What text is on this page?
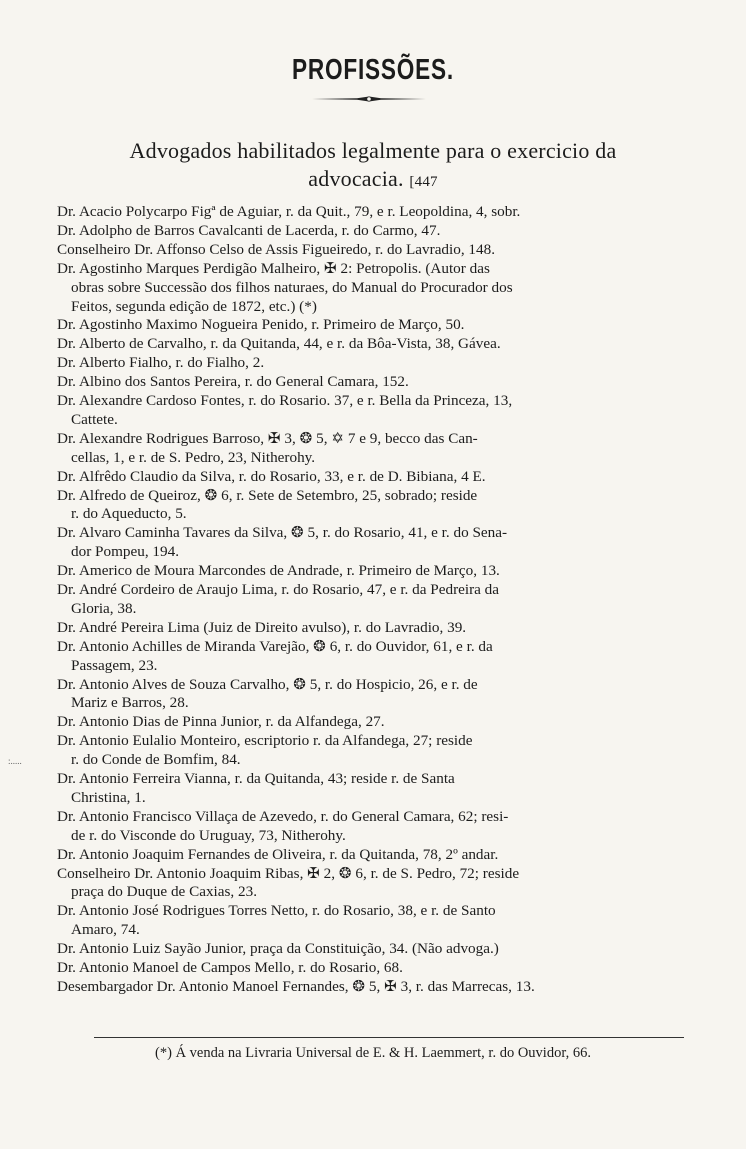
PROFISSÕES.
Advogados habilitados legalmente para o exercicio da
advocacia. [447
:.....
Dr. Acacio Polycarpo Figª de Aguiar, r. da Quit., 79, e r. Leopoldina, 4, sobr.
Dr. Adolpho de Barros Cavalcanti de Lacerda, r. do Carmo, 47.
Conselheiro Dr. Affonso Celso de Assis Figueiredo, r. do Lavradio, 148.
Dr. Agostinho Marques Perdigão Malheiro, ✠ 2: Petropolis. (Autor das
obras sobre Successão dos filhos naturaes, do Manual do Procurador dos
Feitos, segunda edição de 1872, etc.) (*)
Dr. Agostinho Maximo Nogueira Penido, r. Primeiro de Março, 50.
Dr. Alberto de Carvalho, r. da Quitanda, 44, e r. da Bôa-Vista, 38, Gávea.
Dr. Alberto Fialho, r. do Fialho, 2.
Dr. Albino dos Santos Pereira, r. do General Camara, 152.
Dr. Alexandre Cardoso Fontes, r. do Rosario. 37, e r. Bella da Princeza, 13,
Cattete.
Dr. Alexandre Rodrigues Barroso, ✠ 3, ❂ 5, ✡ 7 e 9, becco das Can-
cellas, 1, e r. de S. Pedro, 23, Nitherohy.
Dr. Alfrêdo Claudio da Silva, r. do Rosario, 33, e r. de D. Bibiana, 4 E.
Dr. Alfredo de Queiroz, ❂ 6, r. Sete de Setembro, 25, sobrado; reside
r. do Aqueducto, 5.
Dr. Alvaro Caminha Tavares da Silva, ❂ 5, r. do Rosario, 41, e r. do Sena-
dor Pompeu, 194.
Dr. Americo de Moura Marcondes de Andrade, r. Primeiro de Março, 13.
Dr. André Cordeiro de Araujo Lima, r. do Rosario, 47, e r. da Pedreira da
Gloria, 38.
Dr. André Pereira Lima (Juiz de Direito avulso), r. do Lavradio, 39.
Dr. Antonio Achilles de Miranda Varejão, ❂ 6, r. do Ouvidor, 61, e r. da
Passagem, 23.
Dr. Antonio Alves de Souza Carvalho, ❂ 5, r. do Hospicio, 26, e r. de
Mariz e Barros, 28.
Dr. Antonio Dias de Pinna Junior, r. da Alfandega, 27.
Dr. Antonio Eulalio Monteiro, escriptorio r. da Alfandega, 27; reside
r. do Conde de Bomfim, 84.
Dr. Antonio Ferreira Vianna, r. da Quitanda, 43; reside r. de Santa
Christina, 1.
Dr. Antonio Francisco Villaça de Azevedo, r. do General Camara, 62; resi-
de r. do Visconde do Uruguay, 73, Nitherohy.
Dr. Antonio Joaquim Fernandes de Oliveira, r. da Quitanda, 78, 2º andar.
Conselheiro Dr. Antonio Joaquim Ribas, ✠ 2, ❂ 6, r. de S. Pedro, 72; reside
praça do Duque de Caxias, 23.
Dr. Antonio José Rodrigues Torres Netto, r. do Rosario, 38, e r. de Santo
Amaro, 74.
Dr. Antonio Luiz Sayão Junior, praça da Constituição, 34. (Não advoga.)
Dr. Antonio Manoel de Campos Mello, r. do Rosario, 68.
Desembargador Dr. Antonio Manoel Fernandes, ❂ 5, ✠ 3, r. das Marrecas, 13.
(*) Á venda na Livraria Universal de E. & H. Laemmert, r. do Ouvidor, 66.
